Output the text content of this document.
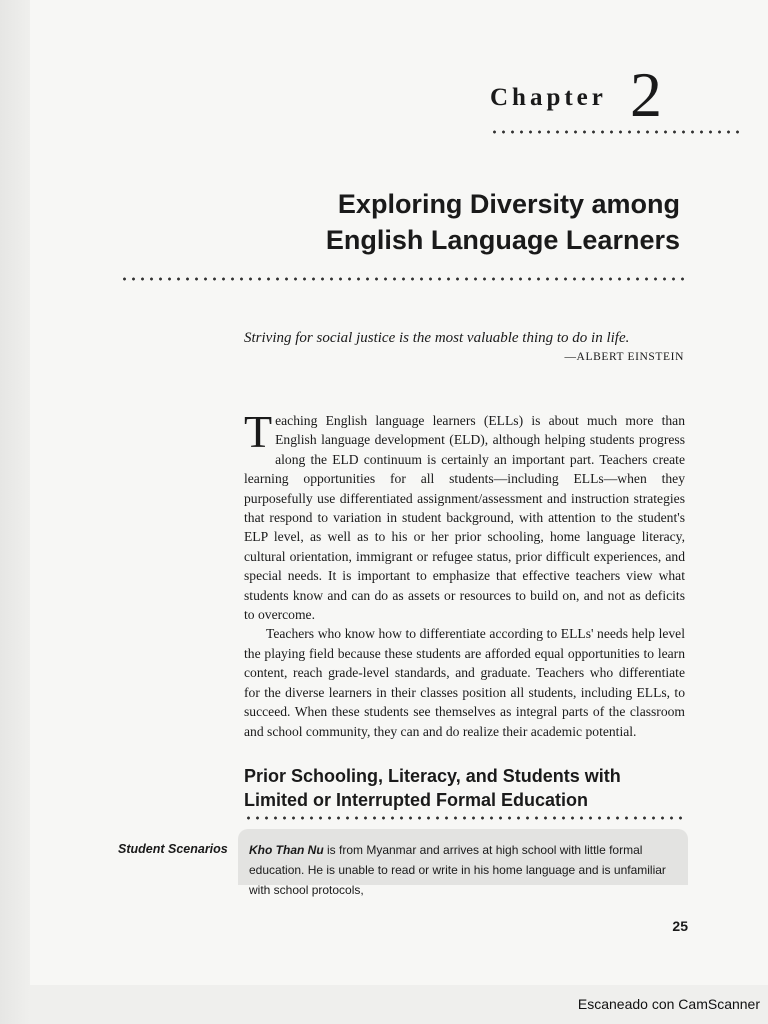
Chapter 2
Exploring Diversity among
English Language Learners
Striving for social justice is the most valuable thing to do in life.
—ALBERT EINSTEIN

Teaching English language learners (ELLs) is about much more than English language development (ELD), although helping students progress along the ELD continuum is certainly an important part. Teachers create learning opportunities for all students—including ELLs—when they purposefully use differentiated assignment/assessment and instruction strategies that respond to variation in student background, with attention to the student's ELP level, as well as to his or her prior schooling, home language literacy, cultural orientation, immigrant or refugee status, prior difficult experiences, and special needs. It is important to emphasize that effective teachers view what students know and can do as assets or resources to build on, and not as deficits to overcome.

Teachers who know how to differentiate according to ELLs' needs help level the playing field because these students are afforded equal opportunities to learn content, reach grade-level standards, and graduate. Teachers who differentiate for the diverse learners in their classes position all students, including ELLs, to succeed. When these students see themselves as integral parts of the classroom and school community, they can and do realize their academic potential.

Prior Schooling, Literacy, and Students with
Limited or Interrupted Formal Education
Student Scenarios Kho Than Nu is from Myanmar and arrives at high school with little formal education. He is unable to read or write in his home language and is unfamiliar with school protocols,
25
Escaneado con CamScanner
